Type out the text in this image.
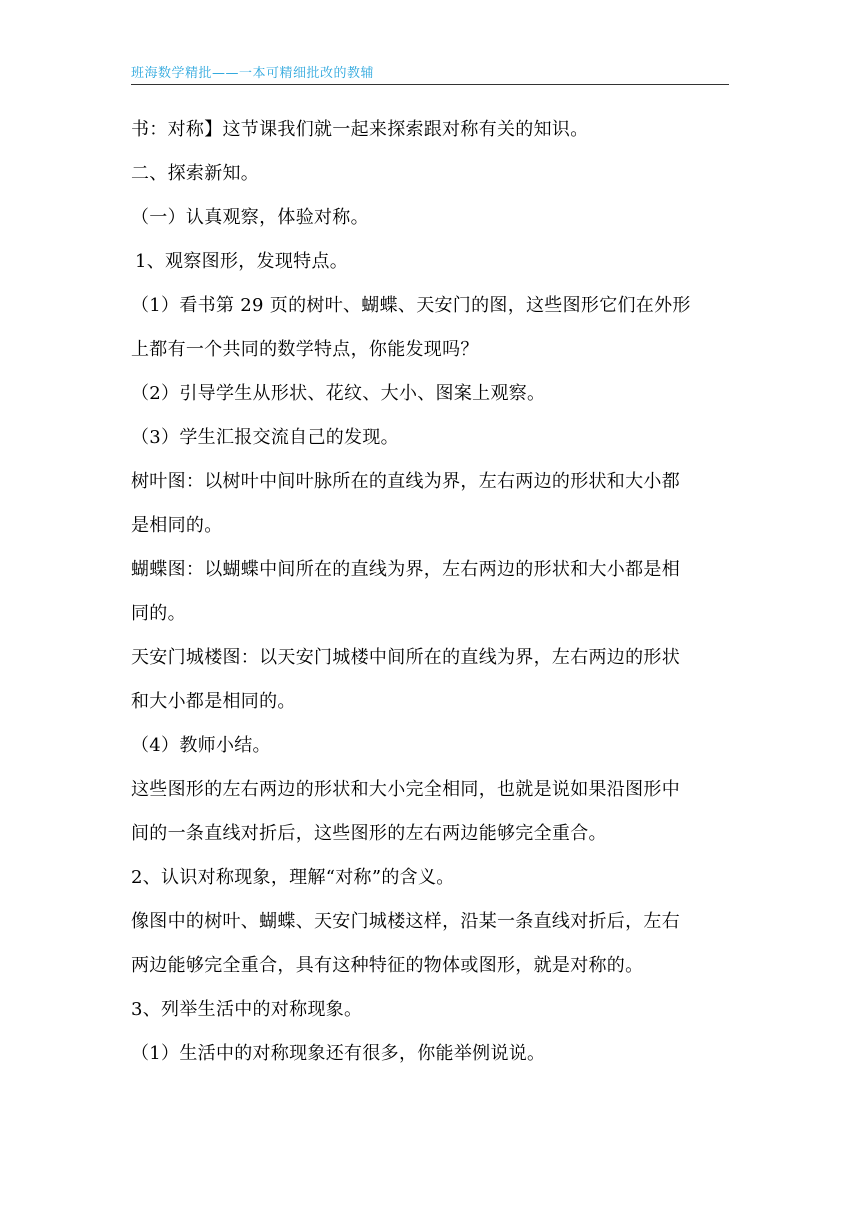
班海数学精批——一本可精细批改的教辅
书：对称】这节课我们就一起来探索跟对称有关的知识。
二、探索新知。
（一）认真观察，体验对称。
1、观察图形，发现特点。
（1）看书第 29 页的树叶、蝴蝶、天安门的图，这些图形它们在外形
上都有一个共同的数学特点，你能发现吗？
（2）引导学生从形状、花纹、大小、图案上观察。
（3）学生汇报交流自己的发现。
树叶图：以树叶中间叶脉所在的直线为界，左右两边的形状和大小都
是相同的。
蝴蝶图：以蝴蝶中间所在的直线为界，左右两边的形状和大小都是相
同的。
天安门城楼图：以天安门城楼中间所在的直线为界，左右两边的形状
和大小都是相同的。
（4）教师小结。
这些图形的左右两边的形状和大小完全相同，也就是说如果沿图形中
间的一条直线对折后，这些图形的左右两边能够完全重合。
2、认识对称现象，理解“对称”的含义。
像图中的树叶、蝴蝶、天安门城楼这样，沿某一条直线对折后，左右
两边能够完全重合，具有这种特征的物体或图形，就是对称的。
3、列举生活中的对称现象。
（1）生活中的对称现象还有很多，你能举例说说。
